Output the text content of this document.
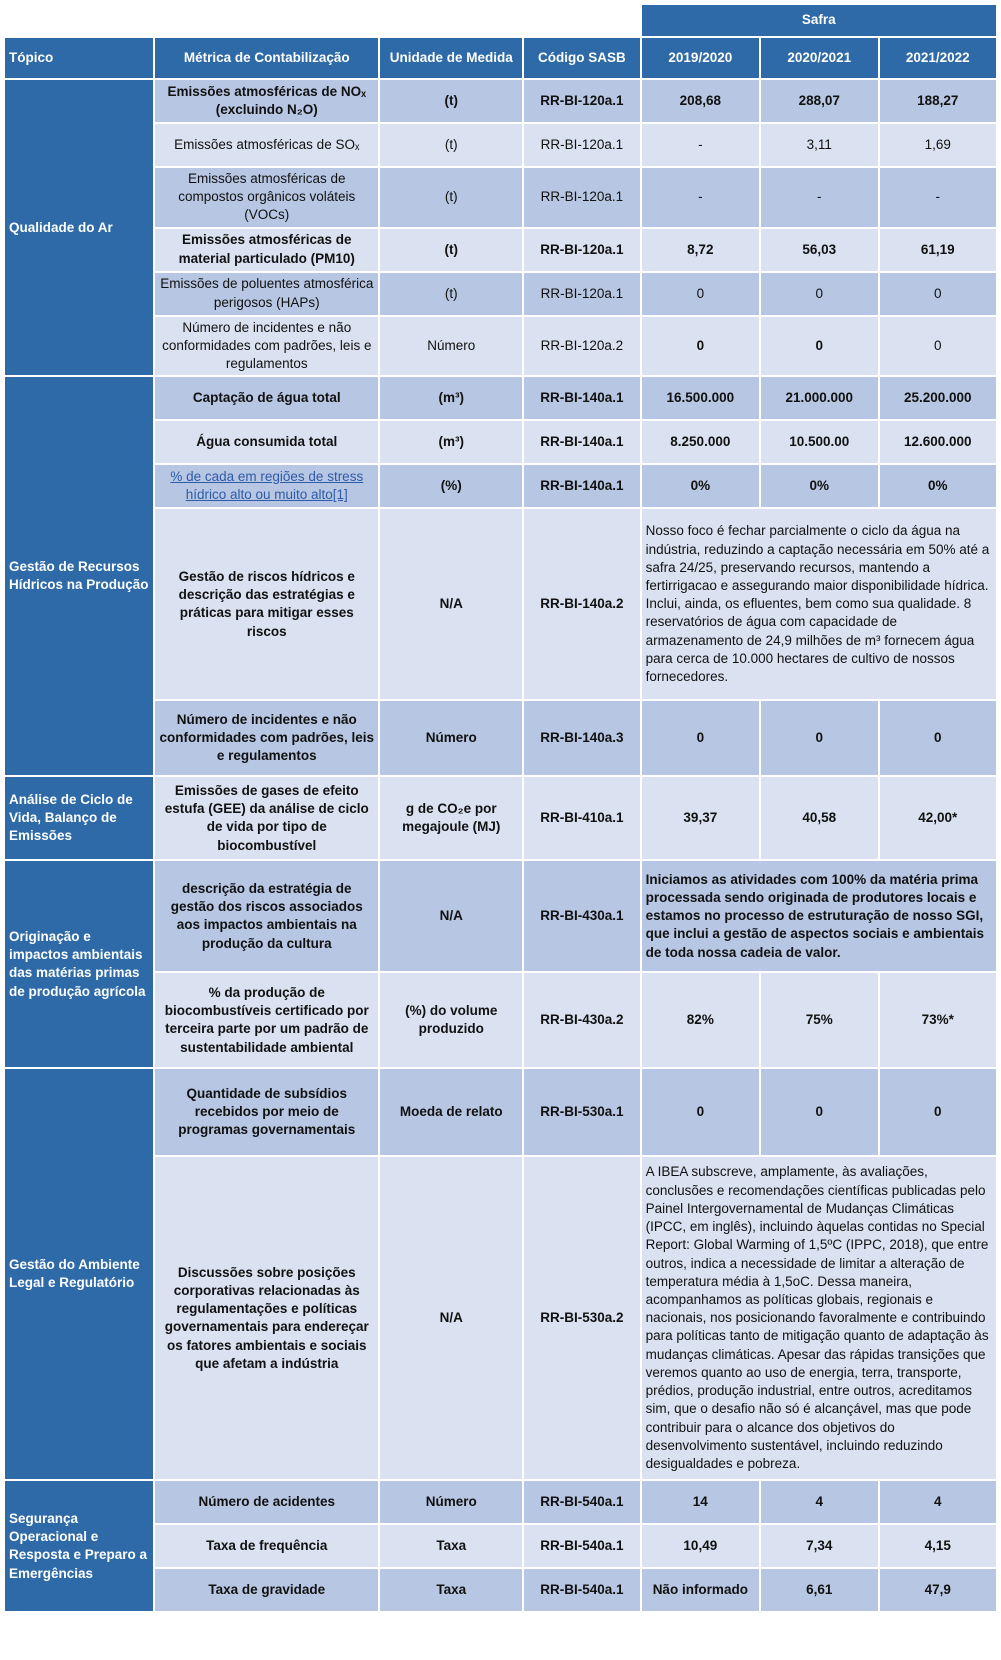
				Safra		
Tópico	Métrica de Contabilização	Unidade de Medida	Código SASB	2019/2020	2020/2021	2021/2022
Qualidade do Ar	Emissões atmosféricas de NOₓ (excluindo N₂O)	(t)	RR-BI-120a.1	208,68	288,07	188,27
	Emissões atmosféricas de SOₓ	(t)	RR-BI-120a.1	-	3,11	1,69
	Emissões atmosféricas de compostos orgânicos voláteis (VOCs)	(t)	RR-BI-120a.1	-	-	-
	Emissões atmosféricas de material particulado (PM10)	(t)	RR-BI-120a.1	8,72	56,03	61,19
	Emissões de poluentes atmosférica perigosos (HAPs)	(t)	RR-BI-120a.1	0	0	0
	Número de incidentes e não conformidades com padrões, leis e regulamentos	Número	RR-BI-120a.2	0	0	0
Gestão de Recursos Hídricos na Produção	Captação de água total	(m³)	RR-BI-140a.1	16.500.000	21.000.000	25.200.000
	Água consumida total	(m³)	RR-BI-140a.1	8.250.000	10.500.00	12.600.000
	% de cada em regiões de stress hídrico alto ou muito alto[1]	(%)	RR-BI-140a.1	0%	0%	0%
	Gestão de riscos hídricos e descrição das estratégias e práticas para mitigar esses riscos	N/A	RR-BI-140a.2	Nosso foco é fechar parcialmente o ciclo da água na indústria, reduzindo a captação necessária em 50% até a safra 24/25, preservando recursos, mantendo a fertirrigacao e assegurando maior disponibilidade hídrica. Inclui, ainda, os efluentes, bem como sua qualidade. 8 reservatórios de água com capacidade de armazenamento de 24,9 milhões de m³ fornecem água para cerca de 10.000 hectares de cultivo de nossos fornecedores.		
	Número de incidentes e não conformidades com padrões, leis e regulamentos	Número	RR-BI-140a.3	0	0	0
Análise de Ciclo de Vida, Balanço de Emissões	Emissões de gases de efeito estufa (GEE) da análise de ciclo de vida por tipo de biocombustível	g de CO₂e por megajoule (MJ)	RR-BI-410a.1	39,37	40,58	42,00*
Originação e impactos ambientais das matérias primas de produção agrícola	descrição da estratégia de gestão dos riscos associados aos impactos ambientais na produção da cultura	N/A	RR-BI-430a.1	Iniciamos as atividades com 100% da matéria prima processada sendo originada de produtores locais e estamos no processo de estruturação de nosso SGI, que inclui a gestão de aspectos sociais e ambientais de toda nossa cadeia de valor.		
	% da produção de biocombustíveis certificado por terceira parte por um padrão de sustentabilidade ambiental	(%) do volume produzido	RR-BI-430a.2	82%	75%	73%*
Gestão do Ambiente Legal e Regulatório	Quantidade de subsídios recebidos por meio de programas governamentais	Moeda de relato	RR-BI-530a.1	0	0	0
	Discussões sobre posições corporativas relacionadas às regulamentações e políticas governamentais para endereçar os fatores ambientais e sociais que afetam a indústria	N/A	RR-BI-530a.2	A IBEA subscreve, amplamente, às avaliações, conclusões e recomendações científicas publicadas pelo Painel Intergovernamental de Mudanças Climáticas (IPCC, em inglês), incluindo àquelas contidas no Special Report: Global Warming of 1,5ºC (IPPC, 2018), que entre outros, indica a necessidade de limitar a alteração de temperatura média à 1,5oC. Dessa maneira, acompanhamos as políticas globais, regionais e nacionais, nos posicionando favoralmente e contribuindo para políticas tanto de mitigação quanto de adaptação às mudanças climáticas. Apesar das rápidas transições que veremos quanto ao uso de energia, terra, transporte, prédios, produção industrial, entre outros, acreditamos sim, que o desafio não só é alcançável, mas que pode contribuir para o alcance dos objetivos do desenvolvimento sustentável, incluindo reduzindo desigualdades e pobreza.		
Segurança Operacional e Resposta e Preparo a Emergências	Número de acidentes	Número	RR-BI-540a.1	14	4	4
	Taxa de frequência	Taxa	RR-BI-540a.1	10,49	7,34	4,15
	Taxa de gravidade	Taxa	RR-BI-540a.1	Não informado	6,61	47,9
